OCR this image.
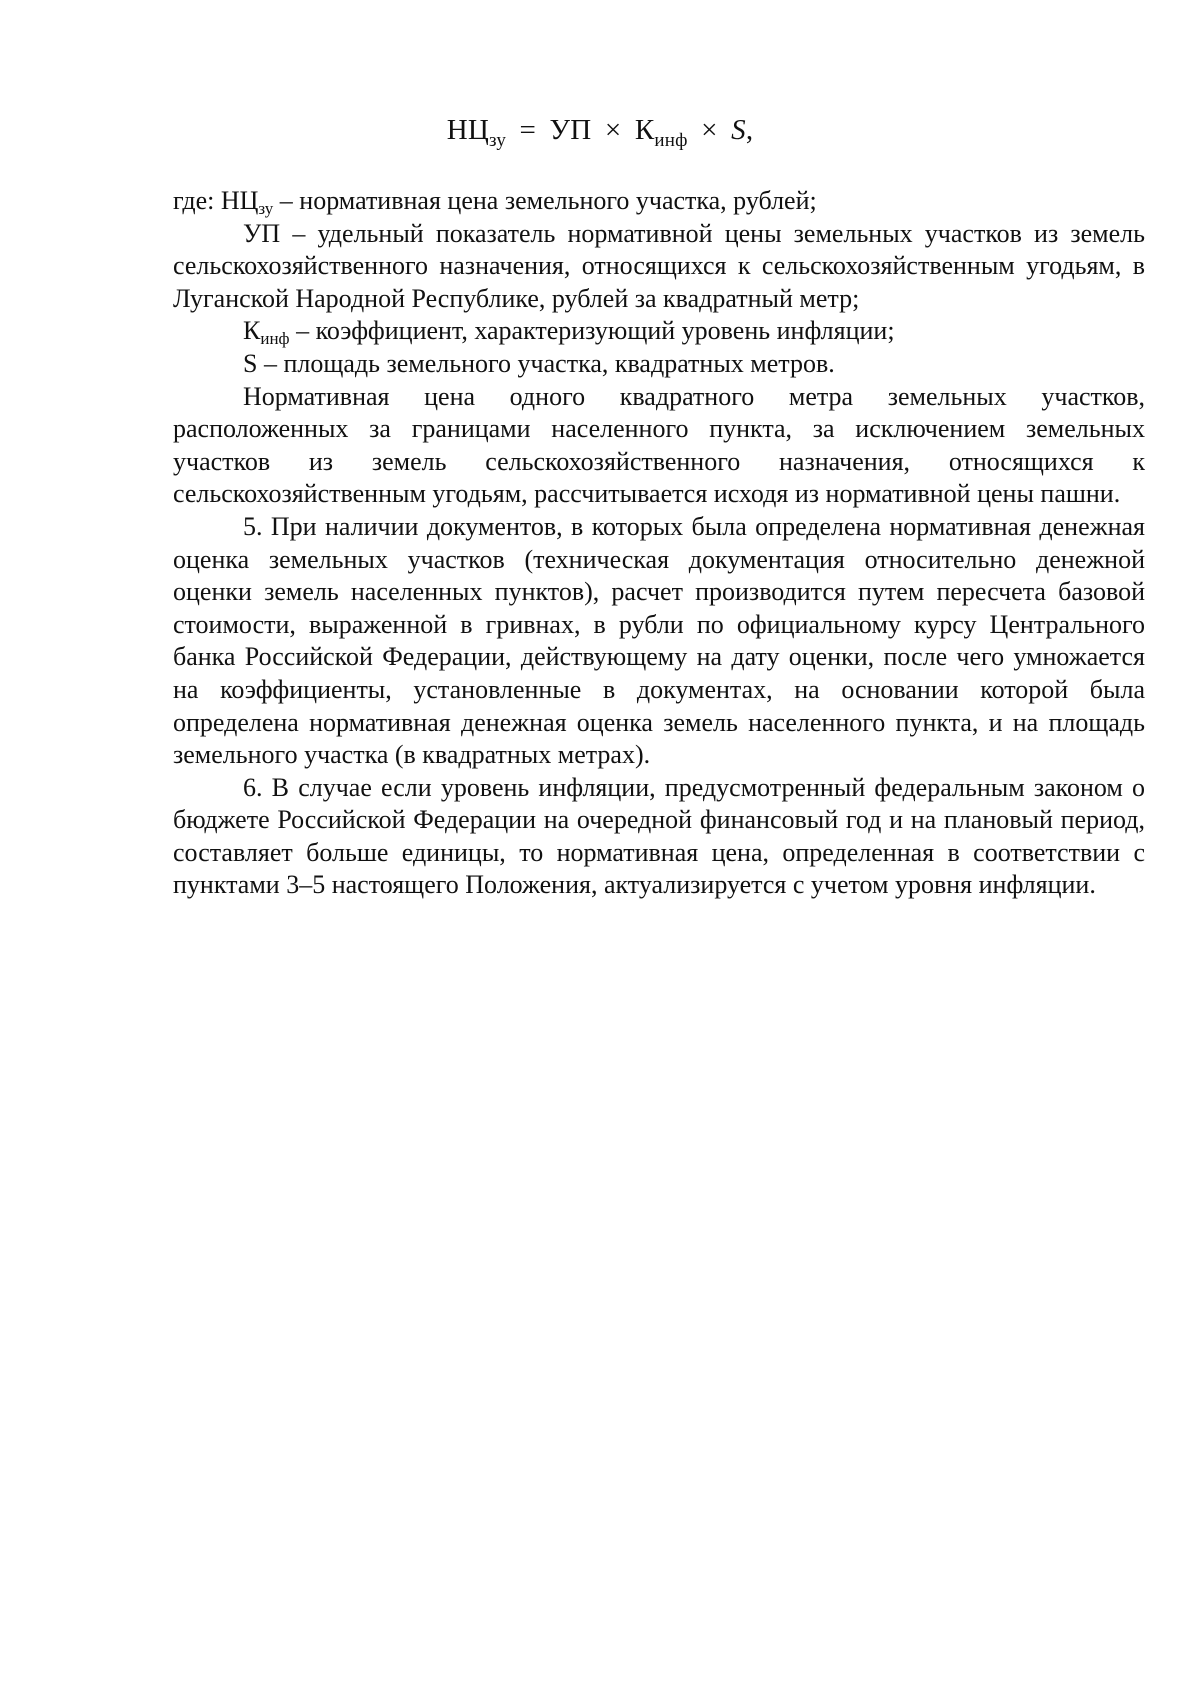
$НЦ_{зу}$ = УП × $К_{инф} \times S$,

где: $НЦ_{зу}$ – нормативная цена земельного участка, рублей;

УП – удельный показатель нормативной цены земельных участков из земель сельскохозяйственного назначения, относящихся к сельскохозяйственным угодьям, в Луганской Народной Республике, рублей за квадратный метр;

$К_{инф}$ – коэффициент, характеризующий уровень инфляции;

S – площадь земельного участка, квадратных метров.

Нормативная цена одного квадратного метра земельных участков, расположенных за границами населенного пункта, за исключением земельных участков из земель сельскохозяйственного назначения, относящихся к сельскохозяйственным угодьям, рассчитывается исходя из нормативной цены пашни.

5. При наличии документов, в которых была определена нормативная денежная оценка земельных участков (техническая документация относительно денежной оценки земель населенных пунктов), расчет производится путем пересчета базовой стоимости, выраженной в гривнах, в рубли по официальному курсу Центрального банка Российской Федерации, действующему на дату оценки, после чего умножается на коэффициенты, установленные в документах, на основании которой была определена нормативная денежная оценка земель населенного пункта, и на площадь земельного участка (в квадратных метрах).

6. В случае если уровень инфляции, предусмотренный федеральным законом о бюджете Российской Федерации на очередной финансовый год и на плановый период, составляет больше единицы, то нормативная цена, определенная в соответствии с пунктами 3–5 настоящего Положения, актуализируется с учетом уровня инфляции.
